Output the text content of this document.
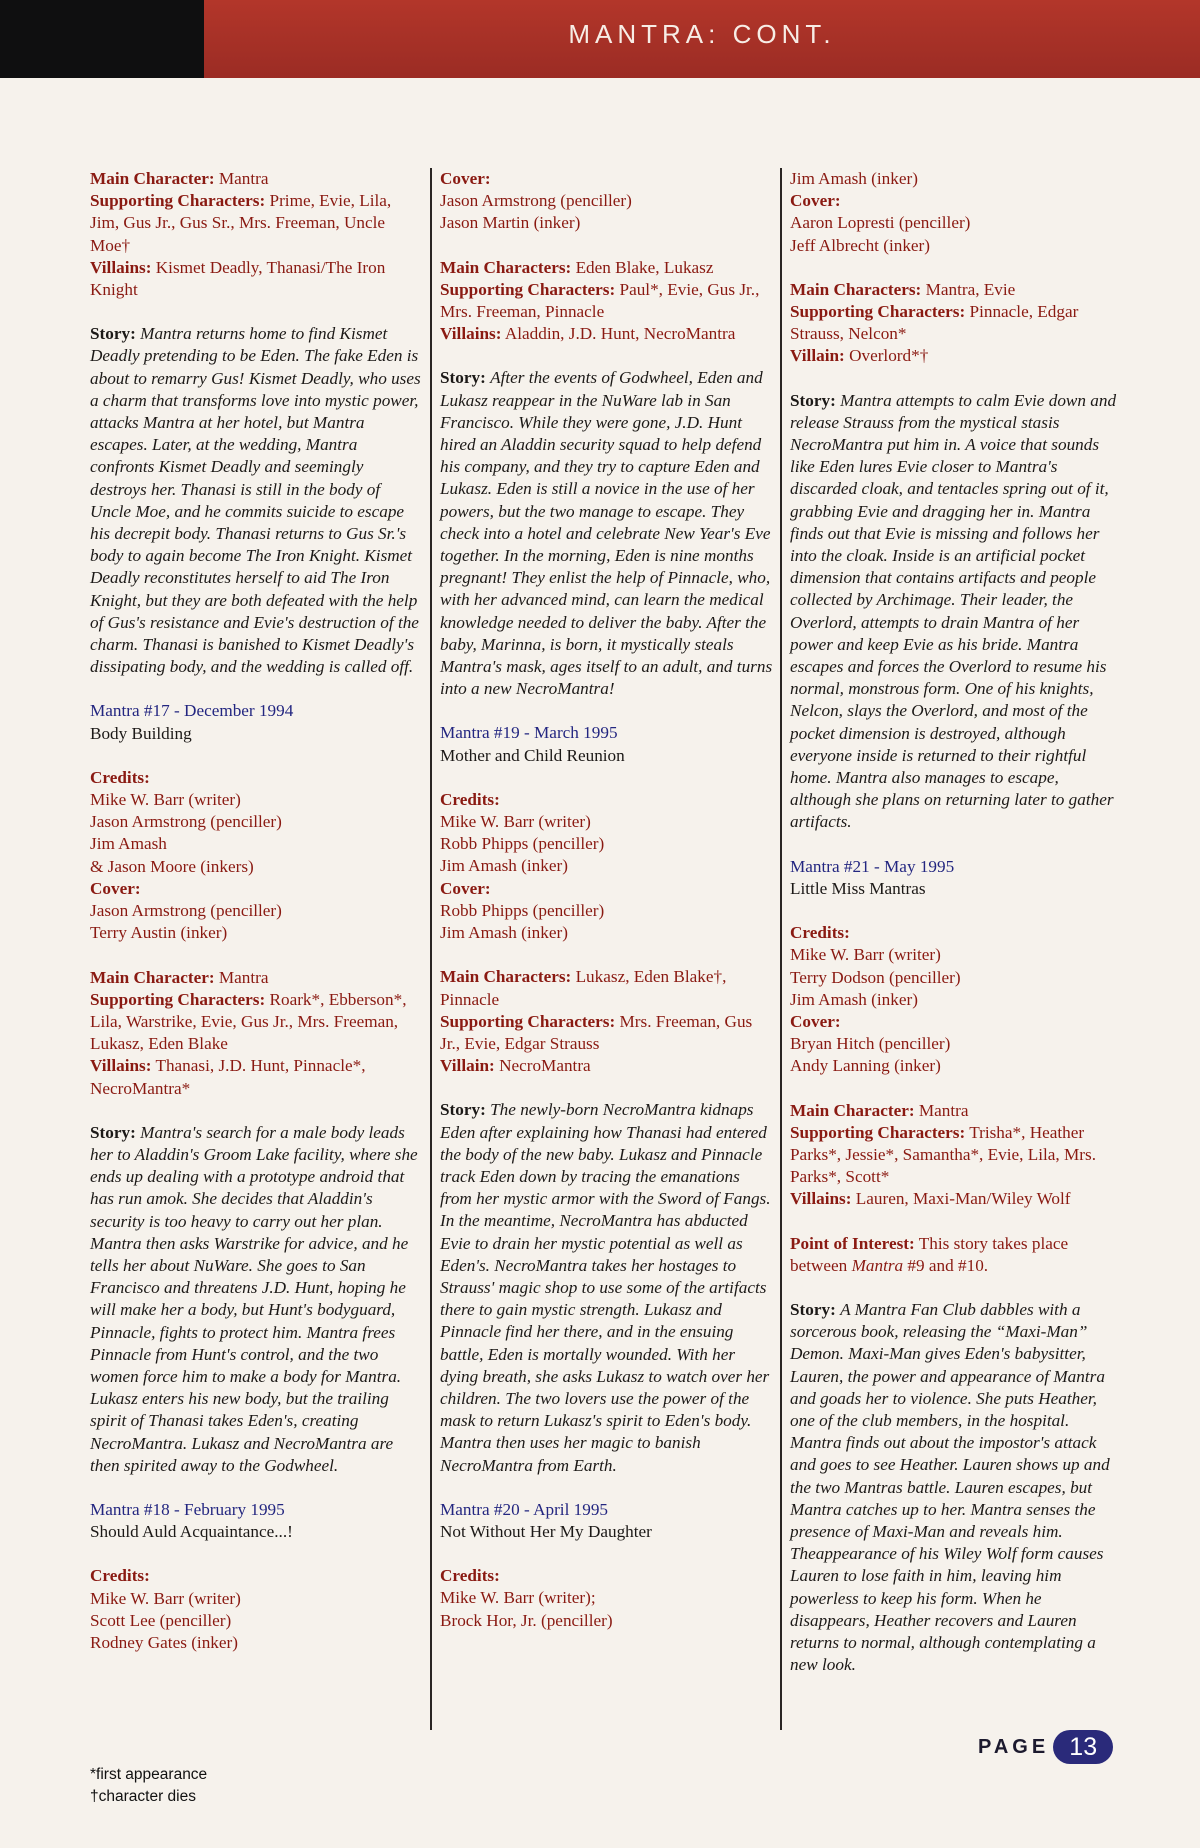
MANTRA: CONT.

Main Character: Mantra

Supporting Characters: Prime, Evie, Lila, Jim, Gus Jr., Gus Sr., Mrs. Freeman, Uncle Moe†

Villains: Kismet Deadly, Thanasi/The Iron Knight

Story: Mantra returns home to find Kismet Deadly pretending to be Eden. The fake Eden is about to remarry Gus! Kismet Deadly, who uses a charm that transforms love into mystic power, attacks Mantra at her hotel, but Mantra escapes. Later, at the wedding, Mantra confronts Kismet Deadly and seemingly destroys her. Thanasi is still in the body of Uncle Moe, and he commits suicide to escape his decrepit body. Thanasi returns to Gus Sr.'s body to again become The Iron Knight. Kismet Deadly reconstitutes herself to aid The Iron Knight, but they are both defeated with the help of Gus's resistance and Evie's destruction of the charm. Thanasi is banished to Kismet Deadly's dissipating body, and the wedding is called off.

Mantra #17 - December 1994

Body Building

Credits:

Mike W. Barr (writer)

Jason Armstrong (penciller)

Jim Amash

& Jason Moore (inkers)

Cover:

Jason Armstrong (penciller)

Terry Austin (inker)

Main Character: Mantra

Supporting Characters: Roark*, Ebberson*, Lila, Warstrike, Evie, Gus Jr., Mrs. Freeman, Lukasz, Eden Blake

Villains: Thanasi, J.D. Hunt, Pinnacle*, NecroMantra*

Story: Mantra's search for a male body leads her to Aladdin's Groom Lake facility, where she ends up dealing with a prototype android that has run amok. She decides that Aladdin's security is too heavy to carry out her plan. Mantra then asks Warstrike for advice, and he tells her about NuWare. She goes to San Francisco and threatens J.D. Hunt, hoping he will make her a body, but Hunt's bodyguard, Pinnacle, fights to protect him. Mantra frees Pinnacle from Hunt's control, and the two women force him to make a body for Mantra. Lukasz enters his new body, but the trailing spirit of Thanasi takes Eden's, creating NecroMantra. Lukasz and NecroMantra are then spirited away to the Godwheel.

Mantra #18 - February 1995

Should Auld Acquaintance...!

Credits:

Mike W. Barr (writer)

Scott Lee (penciller)

Rodney Gates (inker)

Cover:

Jason Armstrong (penciller)

Jason Martin (inker)

Main Characters: Eden Blake, Lukasz

Supporting Characters: Paul*, Evie, Gus Jr., Mrs. Freeman, Pinnacle

Villains: Aladdin, J.D. Hunt, NecroMantra

Story: After the events of Godwheel, Eden and Lukasz reappear in the NuWare lab in San Francisco. While they were gone, J.D. Hunt hired an Aladdin security squad to help defend his company, and they try to capture Eden and Lukasz. Eden is still a novice in the use of her powers, but the two manage to escape. They check into a hotel and celebrate New Year's Eve together. In the morning, Eden is nine months pregnant! They enlist the help of Pinnacle, who, with her advanced mind, can learn the medical knowledge needed to deliver the baby. After the baby, Marinna, is born, it mystically steals Mantra's mask, ages itself to an adult, and turns into a new NecroMantra!

Mantra #19 - March 1995

Mother and Child Reunion

Credits:

Mike W. Barr (writer)

Robb Phipps (penciller)

Jim Amash (inker)

Cover:

Robb Phipps (penciller)

Jim Amash (inker)

Main Characters: Lukasz, Eden Blake†, Pinnacle

Supporting Characters: Mrs. Freeman, Gus Jr., Evie, Edgar Strauss

Villain: NecroMantra

Story: The newly-born NecroMantra kidnaps Eden after explaining how Thanasi had entered the body of the new baby. Lukasz and Pinnacle track Eden down by tracing the emanations from her mystic armor with the Sword of Fangs. In the meantime, NecroMantra has abducted Evie to drain her mystic potential as well as Eden's. NecroMantra takes her hostages to Strauss' magic shop to use some of the artifacts there to gain mystic strength. Lukasz and Pinnacle find her there, and in the ensuing battle, Eden is mortally wounded. With her dying breath, she asks Lukasz to watch over her children. The two lovers use the power of the mask to return Lukasz's spirit to Eden's body. Mantra then uses her magic to banish NecroMantra from Earth.

Mantra #20 - April 1995

Not Without Her My Daughter

Credits:

Mike W. Barr (writer);

Brock Hor, Jr. (penciller)

Jim Amash (inker)

Cover:

Aaron Lopresti (penciller)

Jeff Albrecht (inker)

Main Characters: Mantra, Evie

Supporting Characters: Pinnacle, Edgar Strauss, Nelcon*

Villain: Overlord*†

Story: Mantra attempts to calm Evie down and release Strauss from the mystical stasis NecroMantra put him in. A voice that sounds like Eden lures Evie closer to Mantra's discarded cloak, and tentacles spring out of it, grabbing Evie and dragging her in. Mantra finds out that Evie is missing and follows her into the cloak. Inside is an artificial pocket dimension that contains artifacts and people collected by Archimage. Their leader, the Overlord, attempts to drain Mantra of her power and keep Evie as his bride. Mantra escapes and forces the Overlord to resume his normal, monstrous form. One of his knights, Nelcon, slays the Overlord, and most of the pocket dimension is destroyed, although everyone inside is returned to their rightful home. Mantra also manages to escape, although she plans on returning later to gather artifacts.

Mantra #21 - May 1995

Little Miss Mantras

Credits:

Mike W. Barr (writer)

Terry Dodson (penciller)

Jim Amash (inker)

Cover:

Bryan Hitch (penciller)

Andy Lanning (inker)

Main Character: Mantra

Supporting Characters: Trisha*, Heather Parks*, Jessie*, Samantha*, Evie, Lila, Mrs. Parks*, Scott*

Villains: Lauren, Maxi-Man/Wiley Wolf

Point of Interest: This story takes place between Mantra #9 and #10.

Story: A Mantra Fan Club dabbles with a sorcerous book, releasing the “Maxi-Man” Demon. Maxi-Man gives Eden's babysitter, Lauren, the power and appearance of Mantra and goads her to violence. She puts Heather, one of the club members, in the hospital. Mantra finds out about the impostor's attack and goes to see Heather. Lauren shows up and the two Mantras battle. Lauren escapes, but Mantra catches up to her. Mantra senses the presence of Maxi-Man and reveals him. Theappearance of his Wiley Wolf form causes Lauren to lose faith in him, leaving him powerless to keep his form. When he disappears, Heather recovers and Lauren returns to normal, although contemplating a new look.

PAGE 13

*first appearance

†character dies
